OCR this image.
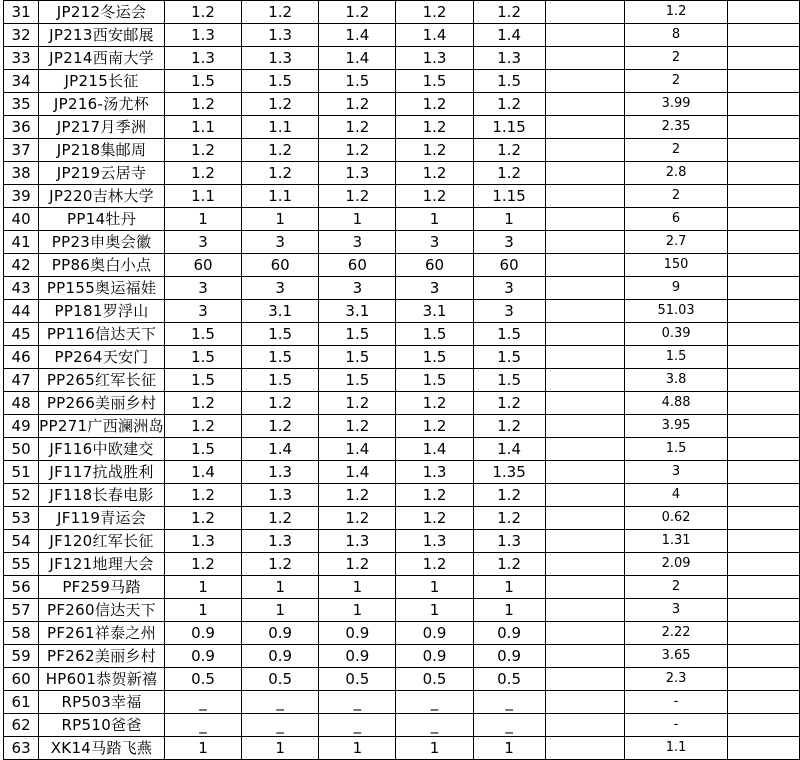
31	JP212冬运会	1.2	1.2	1.2	1.2	1.2		1.2	
32	JP213西安邮展	1.3	1.3	1.4	1.4	1.4		8	
33	JP214西南大学	1.3	1.3	1.4	1.3	1.3		2	
34	JP215长征	1.5	1.5	1.5	1.5	1.5		2	
35	JP216-汤尤杯	1.2	1.2	1.2	1.2	1.2		3.99	
36	JP217月季洲	1.1	1.1	1.2	1.2	1.15		2.35	
37	JP218集邮周	1.2	1.2	1.2	1.2	1.2		2	
38	JP219云居寺	1.2	1.2	1.3	1.2	1.2		2.8	
39	JP220吉林大学	1.1	1.1	1.2	1.2	1.15		2	
40	PP14牡丹	1	1	1	1	1		6	
41	PP23申奥会徽	3	3	3	3	3		2.7	
42	PP86奥白小点	60	60	60	60	60		150	
43	PP155奥运福娃	3	3	3	3	3		9	
44	PP181罗浮山	3	3.1	3.1	3.1	3		51.03	
45	PP116信达天下	1.5	1.5	1.5	1.5	1.5		0.39	
46	PP264天安门	1.5	1.5	1.5	1.5	1.5		1.5	
47	PP265红军长征	1.5	1.5	1.5	1.5	1.5		3.8	
48	PP266美丽乡村	1.2	1.2	1.2	1.2	1.2		4.88	
49	PP271广西澜洲岛	1.2	1.2	1.2	1.2	1.2		3.95	
50	JF116中欧建交	1.5	1.4	1.4	1.4	1.4		1.5	
51	JF117抗战胜利	1.4	1.3	1.4	1.3	1.35		3	
52	JF118长春电影	1.2	1.3	1.2	1.2	1.2		4	
53	JF119青运会	1.2	1.2	1.2	1.2	1.2		0.62	
54	JF120红军长征	1.3	1.3	1.3	1.3	1.3		1.31	
55	JF121地理大会	1.2	1.2	1.2	1.2	1.2		2.09	
56	PF259马踏	1	1	1	1	1		2	
57	PF260信达天下	1	1	1	1	1		3	
58	PF261祥泰之州	0.9	0.9	0.9	0.9	0.9		2.22	
59	PF262美丽乡村	0.9	0.9	0.9	0.9	0.9		3.65	
60	HP601恭贺新禧	0.5	0.5	0.5	0.5	0.5		2.3	
61	RP503幸福	_	_	_	_	_		-	
62	RP510爸爸	_	_	_	_	_		-	
63	XK14马踏飞燕	1	1	1	1	1		1.1	
